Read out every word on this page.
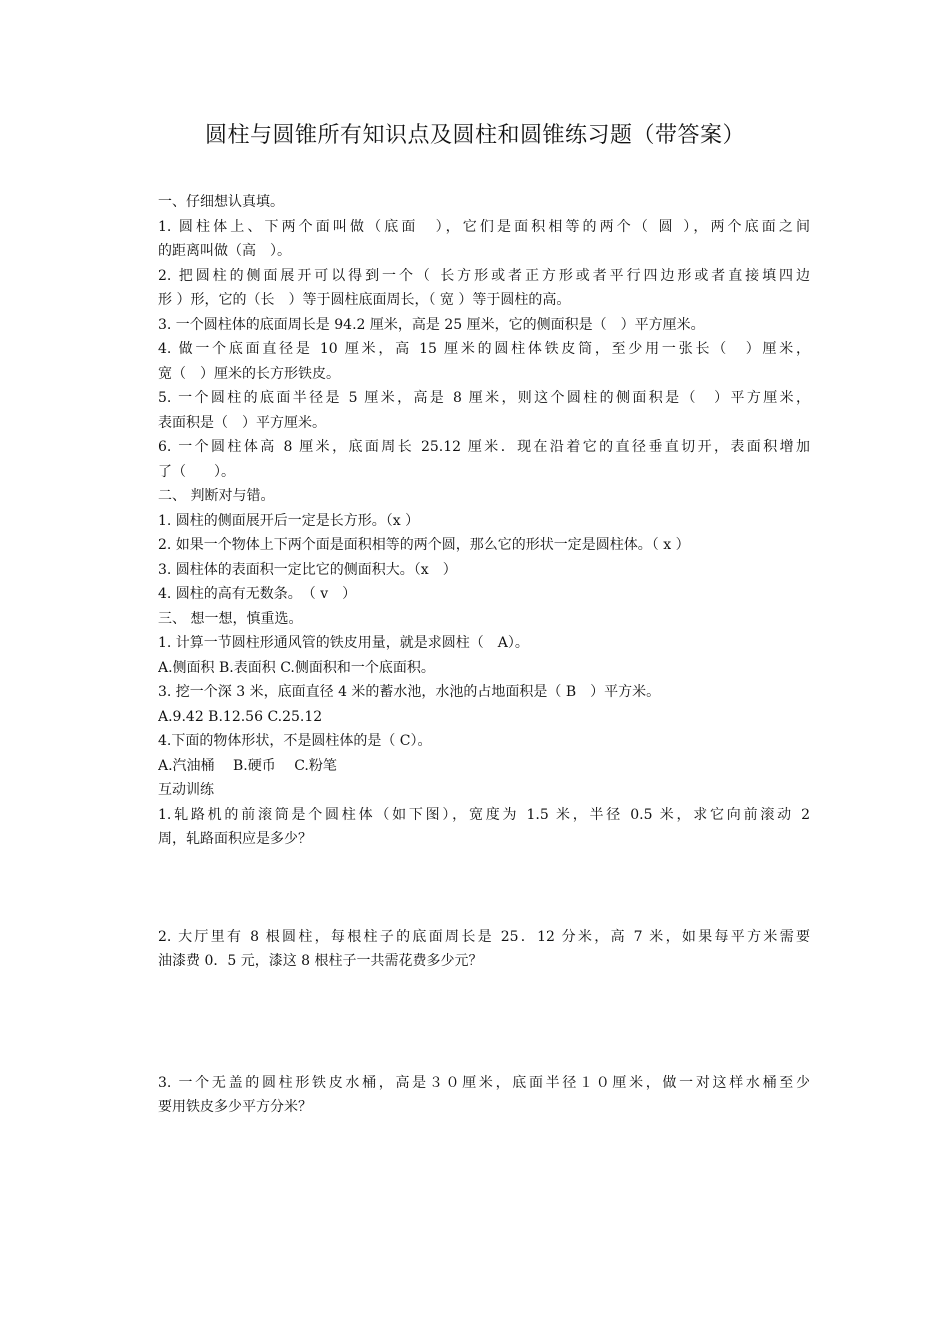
圆柱与圆锥所有知识点及圆柱和圆锥练习题（带答案）

一、仔细想认真填。

1. 圆柱体上、下两个面叫做（底面　），它们是面积相等的两个（ 圆 ），两个底面之间

的距离叫做（高　）。

2. 把圆柱的侧面展开可以得到一个（ 长方形或者正方形或者平行四边形或者直接填四边

形 ）形，它的（长　）等于圆柱底面周长，（ 宽 ）等于圆柱的高。

3. 一个圆柱体的底面周长是 94.2 厘米，高是 25 厘米，它的侧面积是（　）平方厘米。

4. 做一个底面直径是 10 厘米，高 15 厘米的圆柱体铁皮筒，至少用一张长（　）厘米，

宽（　）厘米的长方形铁皮。

5. 一个圆柱的底面半径是 5 厘米，高是 8 厘米，则这个圆柱的侧面积是（　）平方厘米，

表面积是（　）平方厘米。

6. 一个圆柱体高 8 厘米，底面周长 25.12 厘米．现在沿着它的直径垂直切开，表面积增加

了（　　）。

二、 判断对与错。

1. 圆柱的侧面展开后一定是长方形。（x ）

2. 如果一个物体上下两个面是面积相等的两个圆，那么它的形状一定是圆柱体。（ x ）

3. 圆柱体的表面积一定比它的侧面积大。（x　）

4. 圆柱的高有无数条。　（ v　）

三、 想一想，慎重选。

1. 计算一节圆柱形通风管的铁皮用量，就是求圆柱（　A）。

A.侧面积 B.表面积 C.侧面积和一个底面积。

3. 挖一个深 3 米，底面直径 4 米的蓄水池，水池的占地面积是（ B　）平方米。

A.9.42 B.12.56 C.25.12

4.下面的物体形状，不是圆柱体的是（ C）。

A.汽油桶　 B.硬币　 C.粉笔

互动训练

1.轧路机的前滚筒是个圆柱体（如下图），宽度为 1.5 米，半径 0.5 米，求它向前滚动 2

周，轧路面积应是多少？

2. 大厅里有 8 根圆柱，每根柱子的底面周长是 25．12 分米，高 7 米，如果每平方米需要

油漆费 0．5 元，漆这 8 根柱子一共需花费多少元？

3. 一个无盖的圆柱形铁皮水桶，高是３０厘米，底面半径１０厘米，做一对这样水桶至少

要用铁皮多少平方分米？
